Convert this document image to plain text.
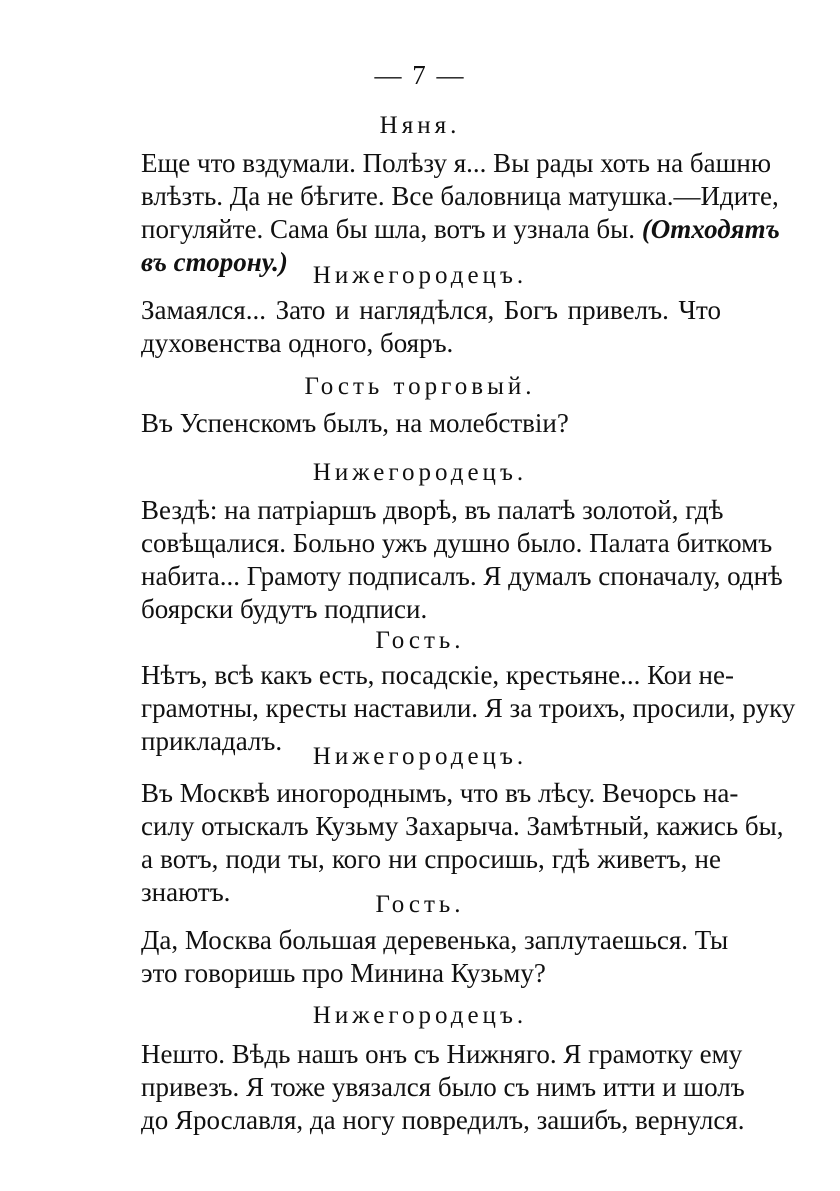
— 7 —
Няня.
Еще что вздумали. Полѣзу я... Вы рады хоть на башню
влѣзть. Да не бѣгите. Все баловница матушка.—Идите,
погуляйте. Сама бы шла, вотъ и узнала бы. (Отходятъ
въ сторону.)	Нижегородецъ.
Замаялся... Зато и наглядѣлся, Богъ привелъ. Что
духовенства одного, бояръ.
Гость торговый.
Въ Успенскомъ былъ, на молебствіи?
Нижегородецъ.
Вездѣ: на патріаршъ дворѣ, въ палатѣ золотой, гдѣ
совѣщалися. Больно ужъ душно было. Палата биткомъ
набита... Грамоту подписалъ. Я думалъ споначалу, однѣ
боярски будутъ подписи.
Гость.
Нѣтъ, всѣ какъ есть, посадскіе, крестьяне... Кои не-
грамотны, кресты наставили. Я за троихъ, просили, руку
прикладалъ.
Нижегородецъ.
Въ Москвѣ иногороднымъ, что въ лѣсу. Вечорсь на-
силу отыскалъ Кузьму Захарыча. Замѣтный, кажись бы,
а вотъ, поди ты, кого ни спросишь, гдѣ живетъ, не
знаютъ.	Гость.
Да, Москва большая деревенька, заплутаешься. Ты
это говоришь про Минина Кузьму?
Нижегородецъ.
Нешто. Вѣдь нашъ онъ съ Нижняго. Я грамотку ему
привезъ. Я тоже увязался было съ нимъ итти и шолъ
до Ярославля, да ногу повредилъ, зашибъ, вернулся.
